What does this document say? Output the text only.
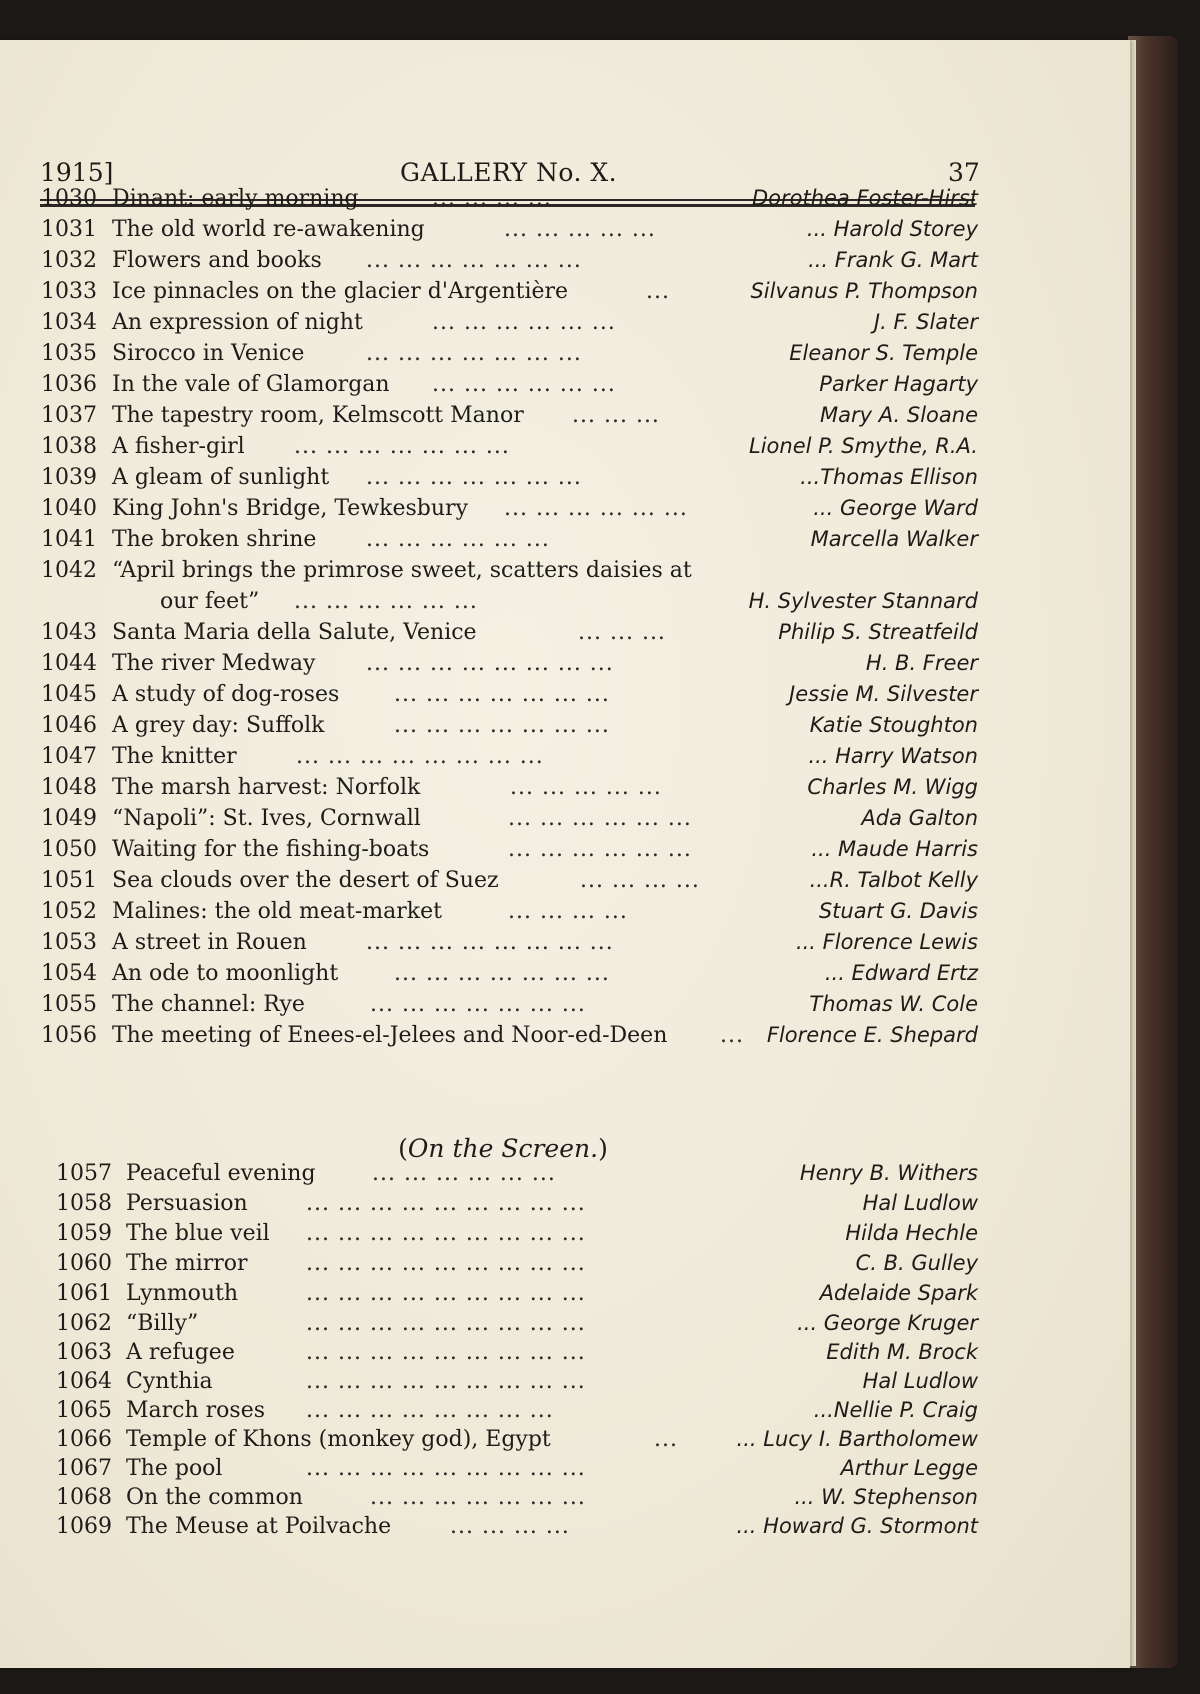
1915]	GALLERY No. X.	37
1030 Dinant: early morning	... ... ... ...	Dorothea Foster-Hirst
1031 The old world re-awakening	... ... ... ... ...	... Harold Storey
1032 Flowers and books ... ... ... ... ... ... ...	... Frank G. Mart
1033 Ice pinnacles on the glacier d'Argentière	...	Silvanus P. Thompson
1034 An expression of night	... ... ... ... ... ...	J. F. Slater
1035 Sirocco in Venice	... ... ... ... ... ... ...	Eleanor S. Temple
1036 In the vale of Glamorgan ... ... ... ... ... ...	Parker Hagarty
1037 The tapestry room, Kelmscott Manor ... ... ...	Mary A. Sloane
1038 A fisher-girl ... ... ... ... ... ... ...	Lionel P. Smythe, R.A.
1039 A gleam of sunlight ... ... ... ... ... ... ...	...Thomas Ellison
1040 King John's Bridge, Tewkesbury ... ... ... ... ... ...	... George Ward
1041 The broken shrine ... ... ... ... ... ...	Marcella Walker
1042 “April brings the primrose sweet, scatters daisies at
our feet” ... ... ... ... ... ...	H. Sylvester Stannard
1043 Santa Maria della Salute, Venice	... ... ...	Philip S. Streatfeild
1044 The river Medway ... ... ... ... ... ... ... ...	H. B. Freer
1045 A study of dog-roses ... ... ... ... ... ... ...	Jessie M. Silvester
1046 A grey day: Suffolk	... ... ... ... ... ... ...	Katie Stoughton
1047 The knitter	... ... ... ... ... ... ... ...	... Harry Watson
1048 The marsh harvest: Norfolk	... ... ... ... ...	Charles M. Wigg
1049 “Napoli”: St. Ives, Cornwall	... ... ... ... ... ...	Ada Galton
1050 Waiting for the fishing-boats	... ... ... ... ... ...	... Maude Harris
1051 Sea clouds over the desert of Suez	... ... ... ...	...R. Talbot Kelly
1052 Malines: the old meat-market	... ... ... ...	Stuart G. Davis
1053 A street in Rouen	... ... ... ... ... ... ... ...	... Florence Lewis
1054 An ode to moonlight	... ... ... ... ... ... ...	... Edward Ertz
1055 The channel: Rye	... ... ... ... ... ... ...	Thomas W. Cole
1056 The meeting of Enees-el-Jelees and Noor-ed-Deen ... Florence E. Shepard
(On the Screen.)
1057 Peaceful evening	... ... ... ... ... ...	Henry B. Withers
1058 Persuasion	... ... ... ... ... ... ... ... ...	Hal Ludlow
1059 The blue veil ... ... ... ... ... ... ... ... ...	Hilda Hechle
1060 The mirror	... ... ... ... ... ... ... ... ...	C. B. Gulley
1061 Lynmouth	... ... ... ... ... ... ... ... ...	Adelaide Spark
1062 “Billy”	... ... ... ... ... ... ... ... ...	... George Kruger
1063 A refugee	... ... ... ... ... ... ... ... ...	Edith M. Brock
1064 Cynthia	... ... ... ... ... ... ... ... ...	Hal Ludlow
1065 March roses ... ... ... ... ... ... ... ...	...Nellie P. Craig
1066 Temple of Khons (monkey god), Egypt	...	... Lucy I. Bartholomew
1067 The pool	... ... ... ... ... ... ... ... ...	Arthur Legge
1068 On the common	... ... ... ... ... ... ...	... W. Stephenson
1069 The Meuse at Poilvache	... ... ... ...	... Howard G. Stormont
